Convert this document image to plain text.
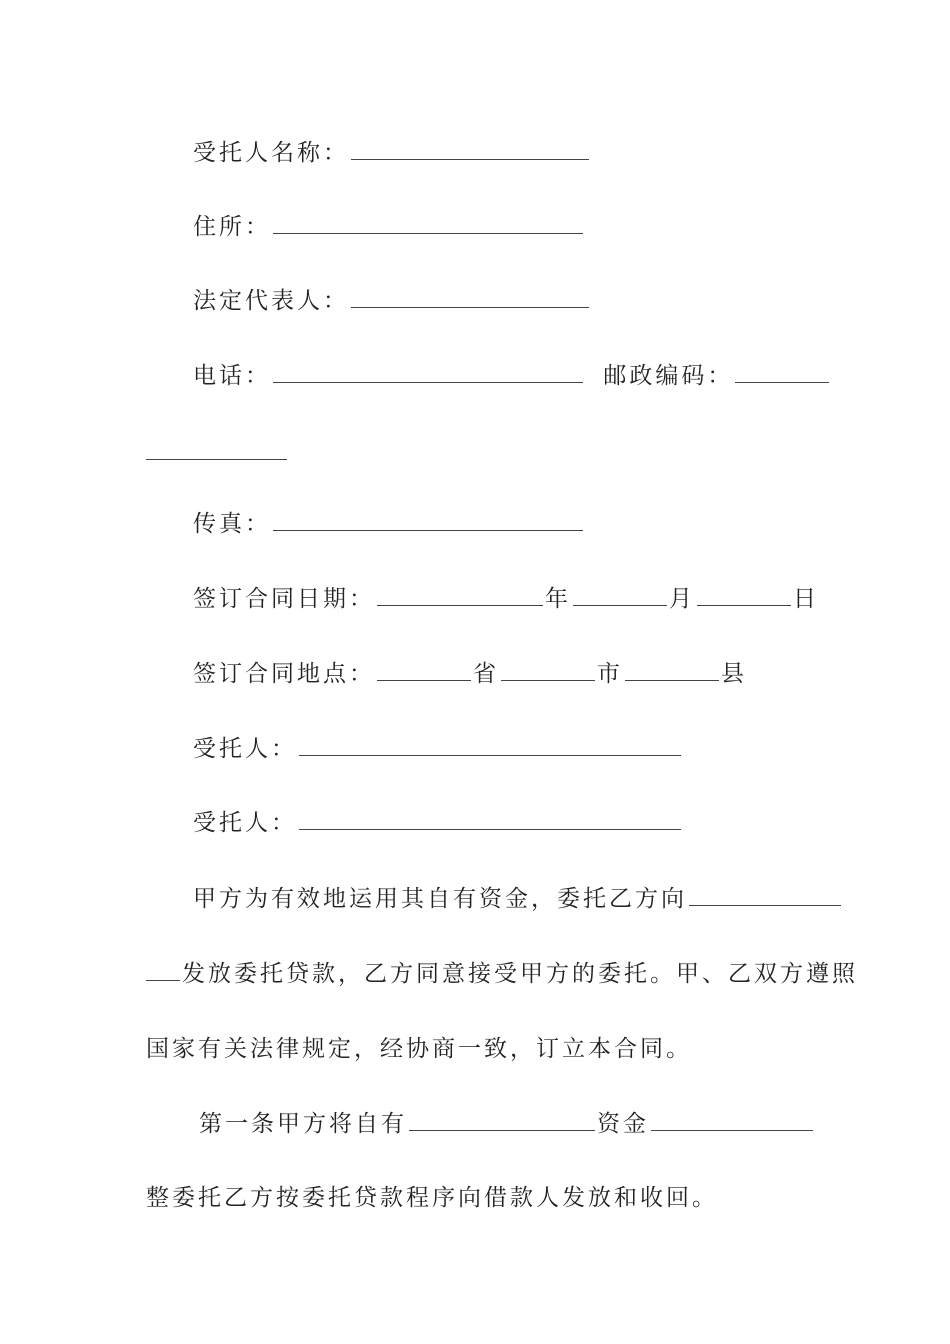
受托人名称：
住所：
法定代表人：
电话：	邮政编码：
传真：
签订合同日期：	年	月	日
签订合同地点：	省	市	县
受托人：
受托人：
甲方为有效地运用其自有资金，委托乙方向
发放委托贷款，乙方同意接受甲方的委托。甲、乙双方遵照
国家有关法律规定，经协商一致，订立本合同。
第一条甲方将自有	资金
整委托乙方按委托贷款程序向借款人发放和收回。
